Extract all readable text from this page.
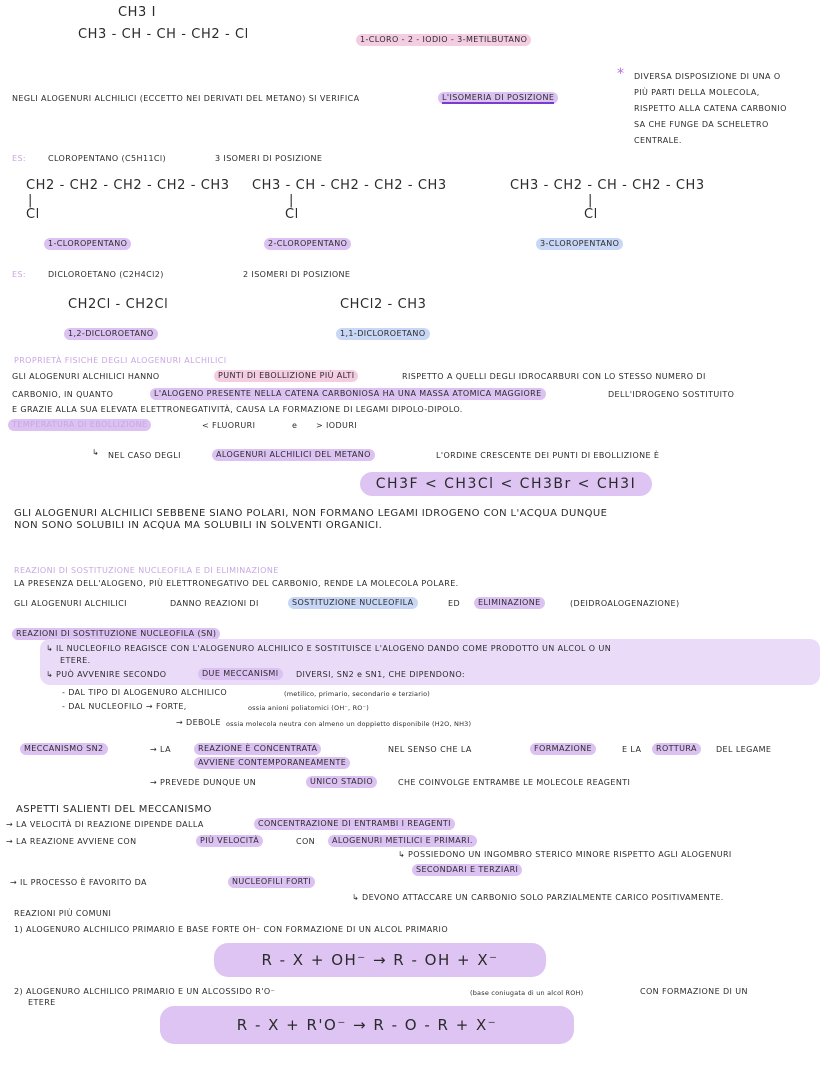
CH3 I
CH3 - CH - CH - CH2 - Cl	1-CLORO - 2 - IODIO - 3-METILBUTANO
NEGLI ALOGENURI ALCHILICI (ECCETTO NEI DERIVATI DEL METANO) SI VERIFICA	L'ISOMERIA DI POSIZIONE
* DIVERSA DISPOSIZIONE DI UNA O
PIÙ PARTI DELLA MOLECOLA,
RISPETTO ALLA CATENA CARBONIO
SA CHE FUNGE DA SCHELETRO
CENTRALE.
ES:	CLOROPENTANO (C5H11Cl)	3 ISOMERI DI POSIZIONE
CH2 - CH2 - CH2 - CH2 - CH3
|
Cl
1-CLOROPENTANO
CH3 - CH - CH2 - CH2 - CH3
|
Cl
2-CLOROPENTANO
CH3 - CH2 - CH - CH2 - CH3
|
Cl
3-CLOROPENTANO
ES:	DICLOROETANO (C2H4Cl2)	2 ISOMERI DI POSIZIONE
CH2Cl - CH2Cl
1,2-DICLOROETANO
CHCl2 - CH3
1,1-DICLOROETANO
PROPRIETÀ FISICHE DEGLI ALOGENURI ALCHILICI
GLI ALOGENURI ALCHILICI HANNO	PUNTI DI EBOLLIZIONE PIÙ ALTI	RISPETTO A QUELLI DEGLI IDROCARBURI CON LO STESSO NUMERO DI
CARBONIO, IN QUANTO	L'ALOGENO PRESENTE NELLA CATENA CARBONIOSA HA UNA MASSA ATOMICA MAGGIORE	DELL'IDROGENO SOSTITUITO
E GRAZIE ALLA SUA ELEVATA ELETTRONEGATIVITÀ, CAUSA LA FORMAZIONE DI LEGAMI DIPOLO-DIPOLO.
TEMPERATURA DI EBOLLIZIONE	< FLUORURI	e > IODURI
↳ NEL CASO DEGLI	ALOGENURI ALCHILICI DEL METANO	L'ORDINE CRESCENTE DEI PUNTI DI EBOLLIZIONE È
CH3F < CH3Cl < CH3Br < CH3I
GLI ALOGENURI ALCHILICI SEBBENE SIANO POLARI, NON FORMANO LEGAMI IDROGENO CON L'ACQUA DUNQUE
NON SONO SOLUBILI IN ACQUA MA SOLUBILI IN SOLVENTI ORGANICI.
REAZIONI DI SOSTITUZIONE NUCLEOFILA E DI ELIMINAZIONE
LA PRESENZA DELL'ALOGENO, PIÙ ELETTRONEGATIVO DEL CARBONIO, RENDE LA MOLECOLA POLARE.
GLI ALOGENURI ALCHILICI	DANNO REAZIONI DI	SOSTITUZIONE NUCLEOFILA	ED	ELIMINAZIONE	(DEIDROALOGENAZIONE)
REAZIONI DI SOSTITUZIONE NUCLEOFILA (SN)
↳ IL NUCLEOFILO REAGISCE CON L'ALOGENURO ALCHILICO E SOSTITUISCE L'ALOGENO DANDO COME PRODOTTO UN ALCOL O UN
ETERE.
↳ PUÒ AVVENIRE SECONDO	DUE MECCANISMI	DIVERSI, SN2 e SN1, CHE DIPENDONO:
- DAL TIPO DI ALOGENURO ALCHILICO	(metilico, primario, secondario e terziario)
- DAL NUCLEOFILO → FORTE,	ossia anioni poliatomici (OH⁻, RO⁻)
→ DEBOLE ossia molecola neutra con almeno un doppietto disponibile (H2O, NH3)
MECCANISMO SN2	→ LA	REAZIONE È CONCENTRATA	NEL SENSO CHE LA	FORMAZIONE	E LA	ROTTURA	DEL LEGAME
AVVIENE CONTEMPORANEAMENTE
→ PREVEDE DUNQUE UN	UNICO STADIO	CHE COINVOLGE ENTRAMBE LE MOLECOLE REAGENTI
ASPETTI SALIENTI DEL MECCANISMO
→ LA VELOCITÀ DI REAZIONE DIPENDE DALLA	CONCENTRAZIONE DI ENTRAMBI I REAGENTI
→ LA REAZIONE AVVIENE CON	PIÙ VELOCITÀ	CON	ALOGENURI METILICI E PRIMARI.
↳ POSSIEDONO UN INGOMBRO STERICO MINORE RISPETTO AGLI ALOGENURI
SECONDARI E TERZIARI
→ IL PROCESSO È FAVORITO DA	NUCLEOFILI FORTI
↳ DEVONO ATTACCARE UN CARBONIO SOLO PARZIALMENTE CARICO POSITIVAMENTE.
REAZIONI PIÙ COMUNI
1) ALOGENURO ALCHILICO PRIMARIO E BASE FORTE OH⁻ CON FORMAZIONE DI UN ALCOL PRIMARIO
R - X + OH⁻ → R - OH + X⁻
2) ALOGENURO ALCHILICO PRIMARIO E UN ALCOSSIDO R'O⁻	(base coniugata di un alcol ROH)	CON FORMAZIONE DI UN
ETERE
R - X + R'O⁻ → R - O - R + X⁻
